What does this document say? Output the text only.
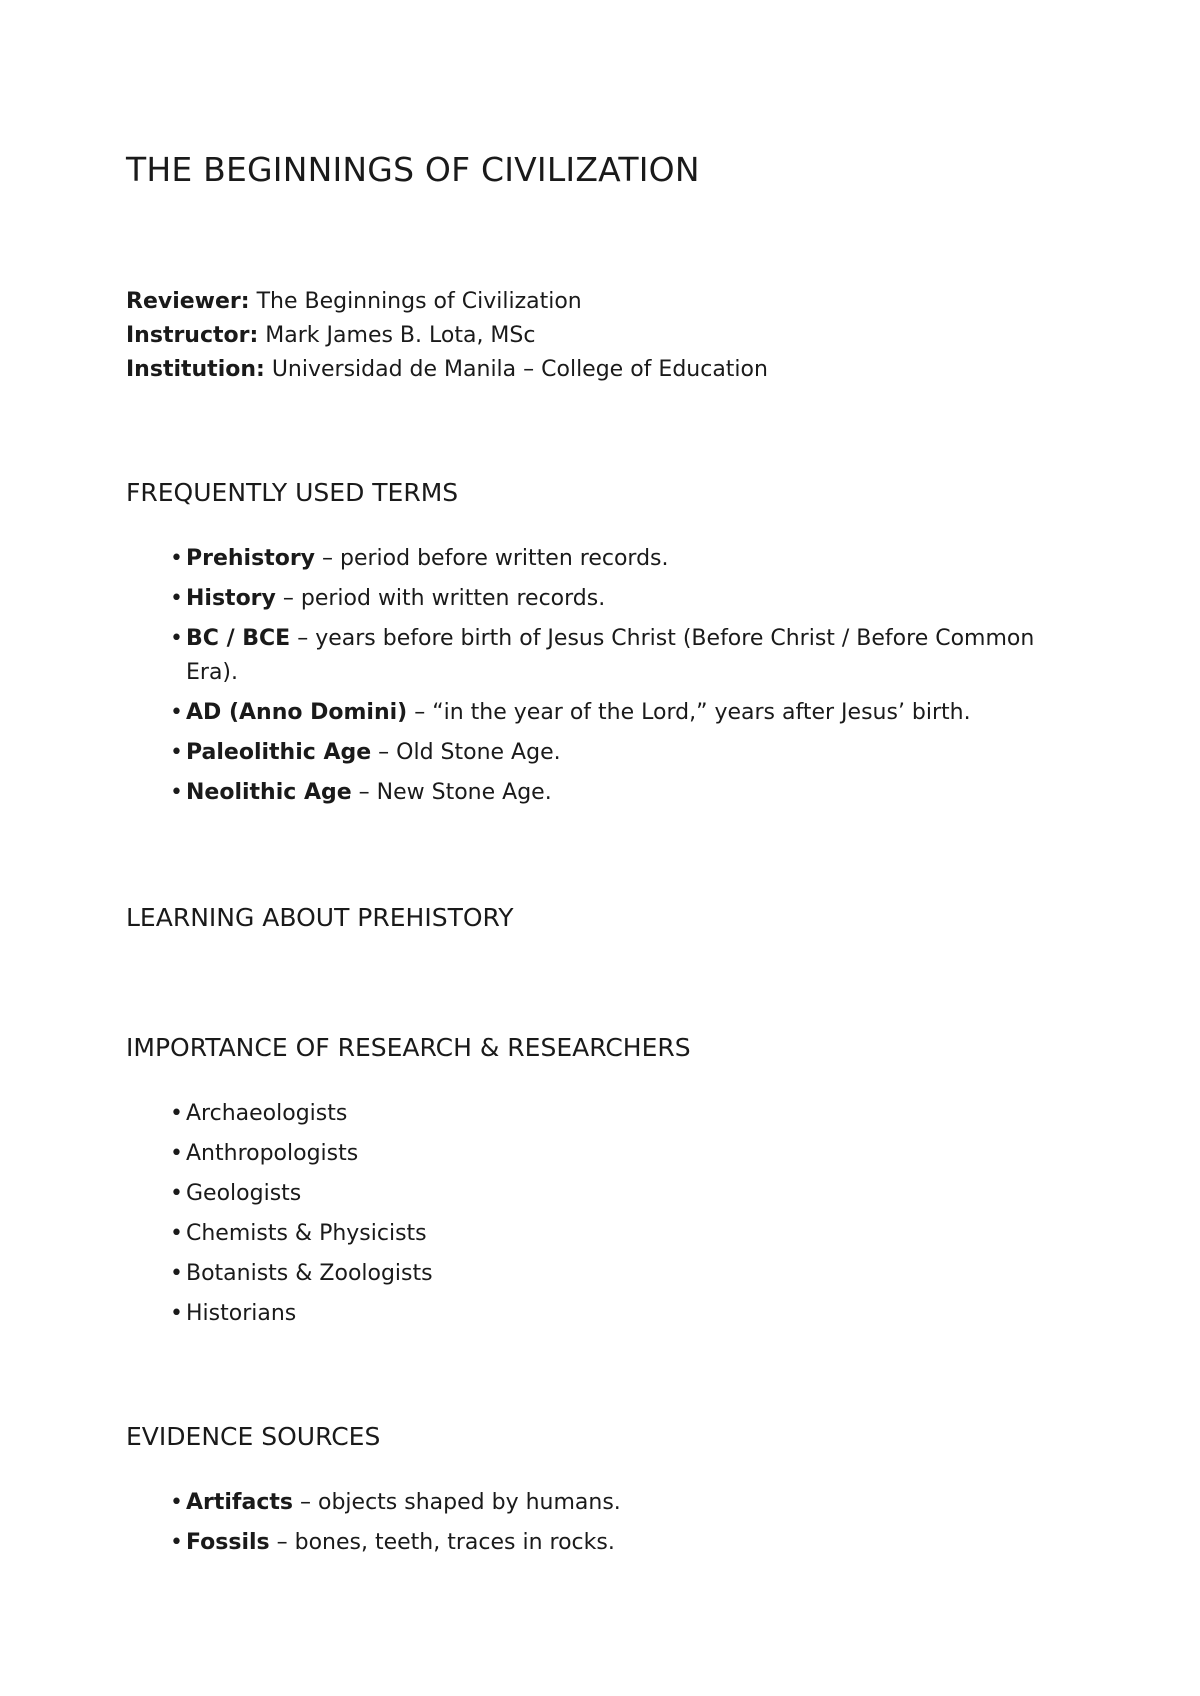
THE BEGINNINGS OF CIVILIZATION
Reviewer: The Beginnings of Civilization
Instructor: Mark James B. Lota, MSc
Institution: Universidad de Manila – College of Education
FREQUENTLY USED TERMS
• Prehistory – period before written records.
• History – period with written records.
• BC / BCE – years before birth of Jesus Christ (Before Christ / Before Common Era).
• AD (Anno Domini) – “in the year of the Lord,” years after Jesus’ birth.
• Paleolithic Age – Old Stone Age.
• Neolithic Age – New Stone Age.
LEARNING ABOUT PREHISTORY
IMPORTANCE OF RESEARCH & RESEARCHERS
• Archaeologists
• Anthropologists
• Geologists
• Chemists & Physicists
• Botanists & Zoologists
• Historians
EVIDENCE SOURCES
• Artifacts – objects shaped by humans.
• Fossils – bones, teeth, traces in rocks.
